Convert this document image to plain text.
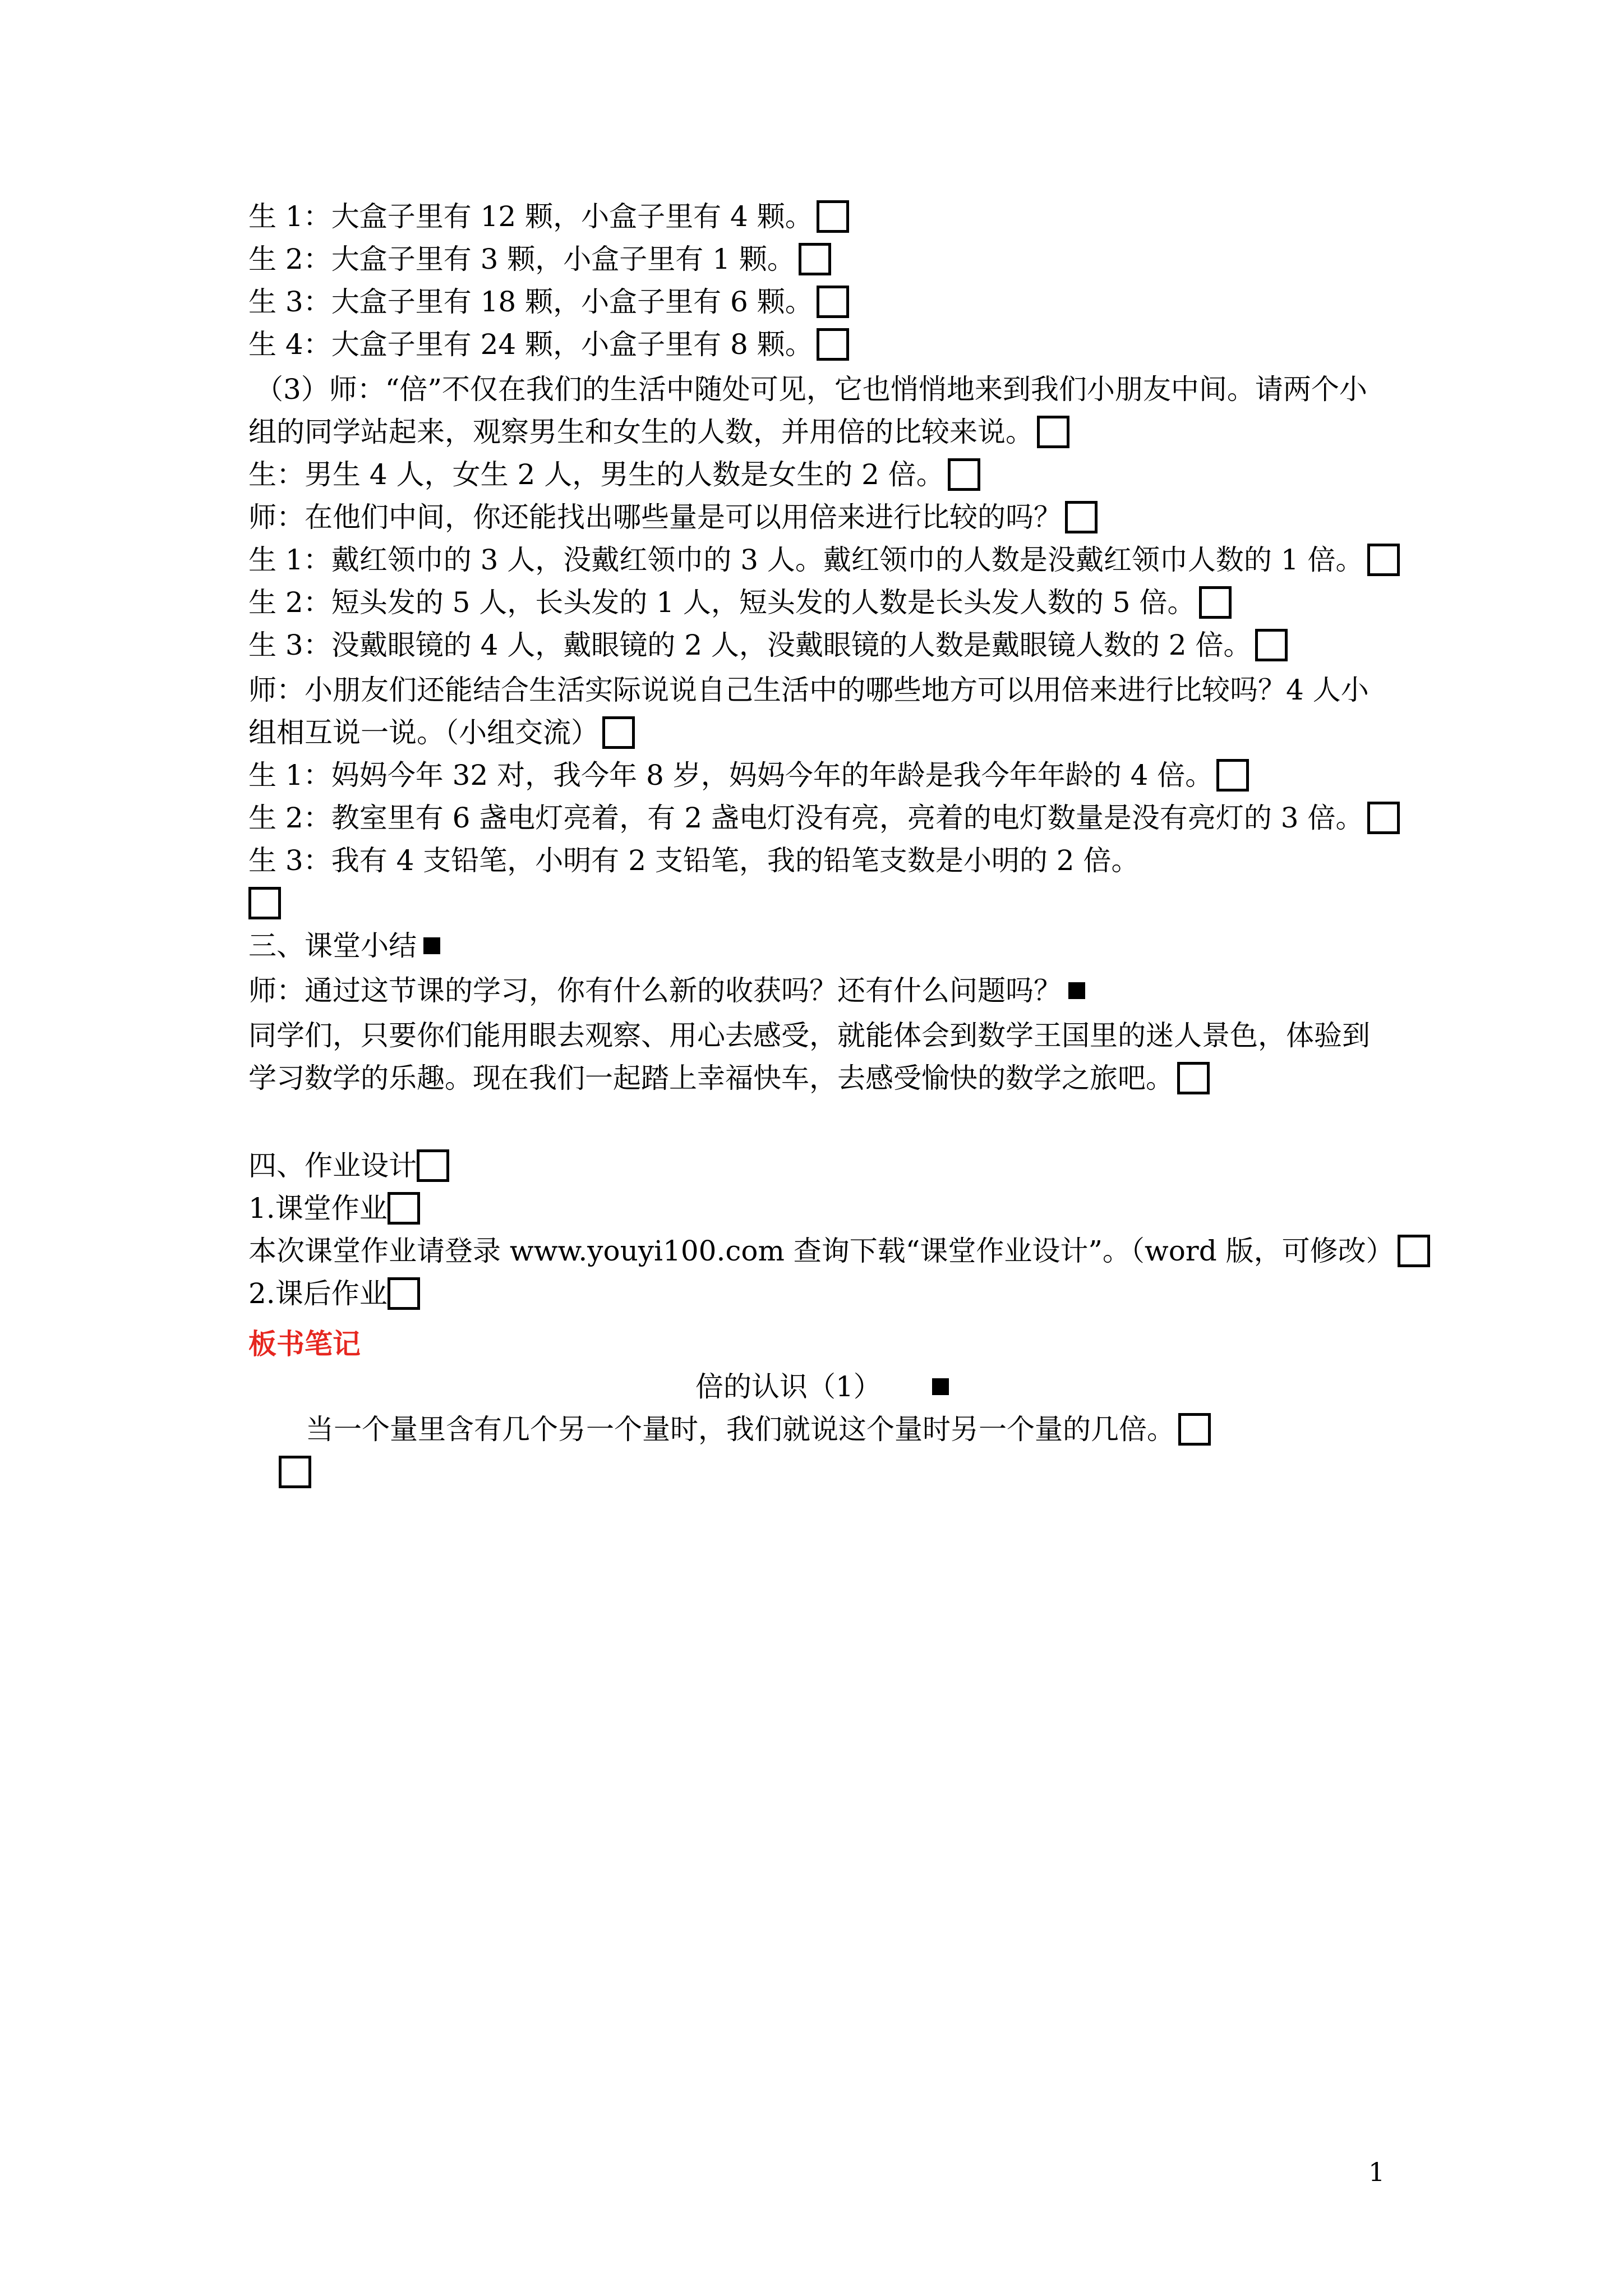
生 1：大盒子里有 12 颗，小盒子里有 4 颗。
生 2：大盒子里有 3 颗，小盒子里有 1 颗。
生 3：大盒子里有 18 颗，小盒子里有 6 颗。
生 4：大盒子里有 24 颗，小盒子里有 8 颗。
（3）师：“倍”不仅在我们的生活中随处可见，它也悄悄地来到我们小朋友中间。请两个小
组的同学站起来，观察男生和女生的人数，并用倍的比较来说。
生：男生 4 人，女生 2 人，男生的人数是女生的 2 倍。
师：在他们中间，你还能找出哪些量是可以用倍来进行比较的吗？
生 1：戴红领巾的 3 人，没戴红领巾的 3 人。戴红领巾的人数是没戴红领巾人数的 1 倍。
生 2：短头发的 5 人，长头发的 1 人，短头发的人数是长头发人数的 5 倍。
生 3：没戴眼镜的 4 人，戴眼镜的 2 人，没戴眼镜的人数是戴眼镜人数的 2 倍。
师：小朋友们还能结合生活实际说说自己生活中的哪些地方可以用倍来进行比较吗？4 人小
组相互说一说。（小组交流）
生 1：妈妈今年 32 对，我今年 8 岁，妈妈今年的年龄是我今年年龄的 4 倍。
生 2：教室里有 6 盏电灯亮着，有 2 盏电灯没有亮，亮着的电灯数量是没有亮灯的 3 倍。
生 3：我有 4 支铅笔，小明有 2 支铅笔，我的铅笔支数是小明的 2 倍。
三、课堂小结
师：通过这节课的学习，你有什么新的收获吗？还有什么问题吗？
同学们，只要你们能用眼去观察、用心去感受，就能体会到数学王国里的迷人景色，体验到
学习数学的乐趣。现在我们一起踏上幸福快车，去感受愉快的数学之旅吧。
四、作业设计
1.课堂作业
本次课堂作业请登录 www.youyi100.com 查询下载“课堂作业设计”。（word 版，可修改）
2.课后作业
板书笔记
倍的认识（1）
当一个量里含有几个另一个量时，我们就说这个量时另一个量的几倍。
1
